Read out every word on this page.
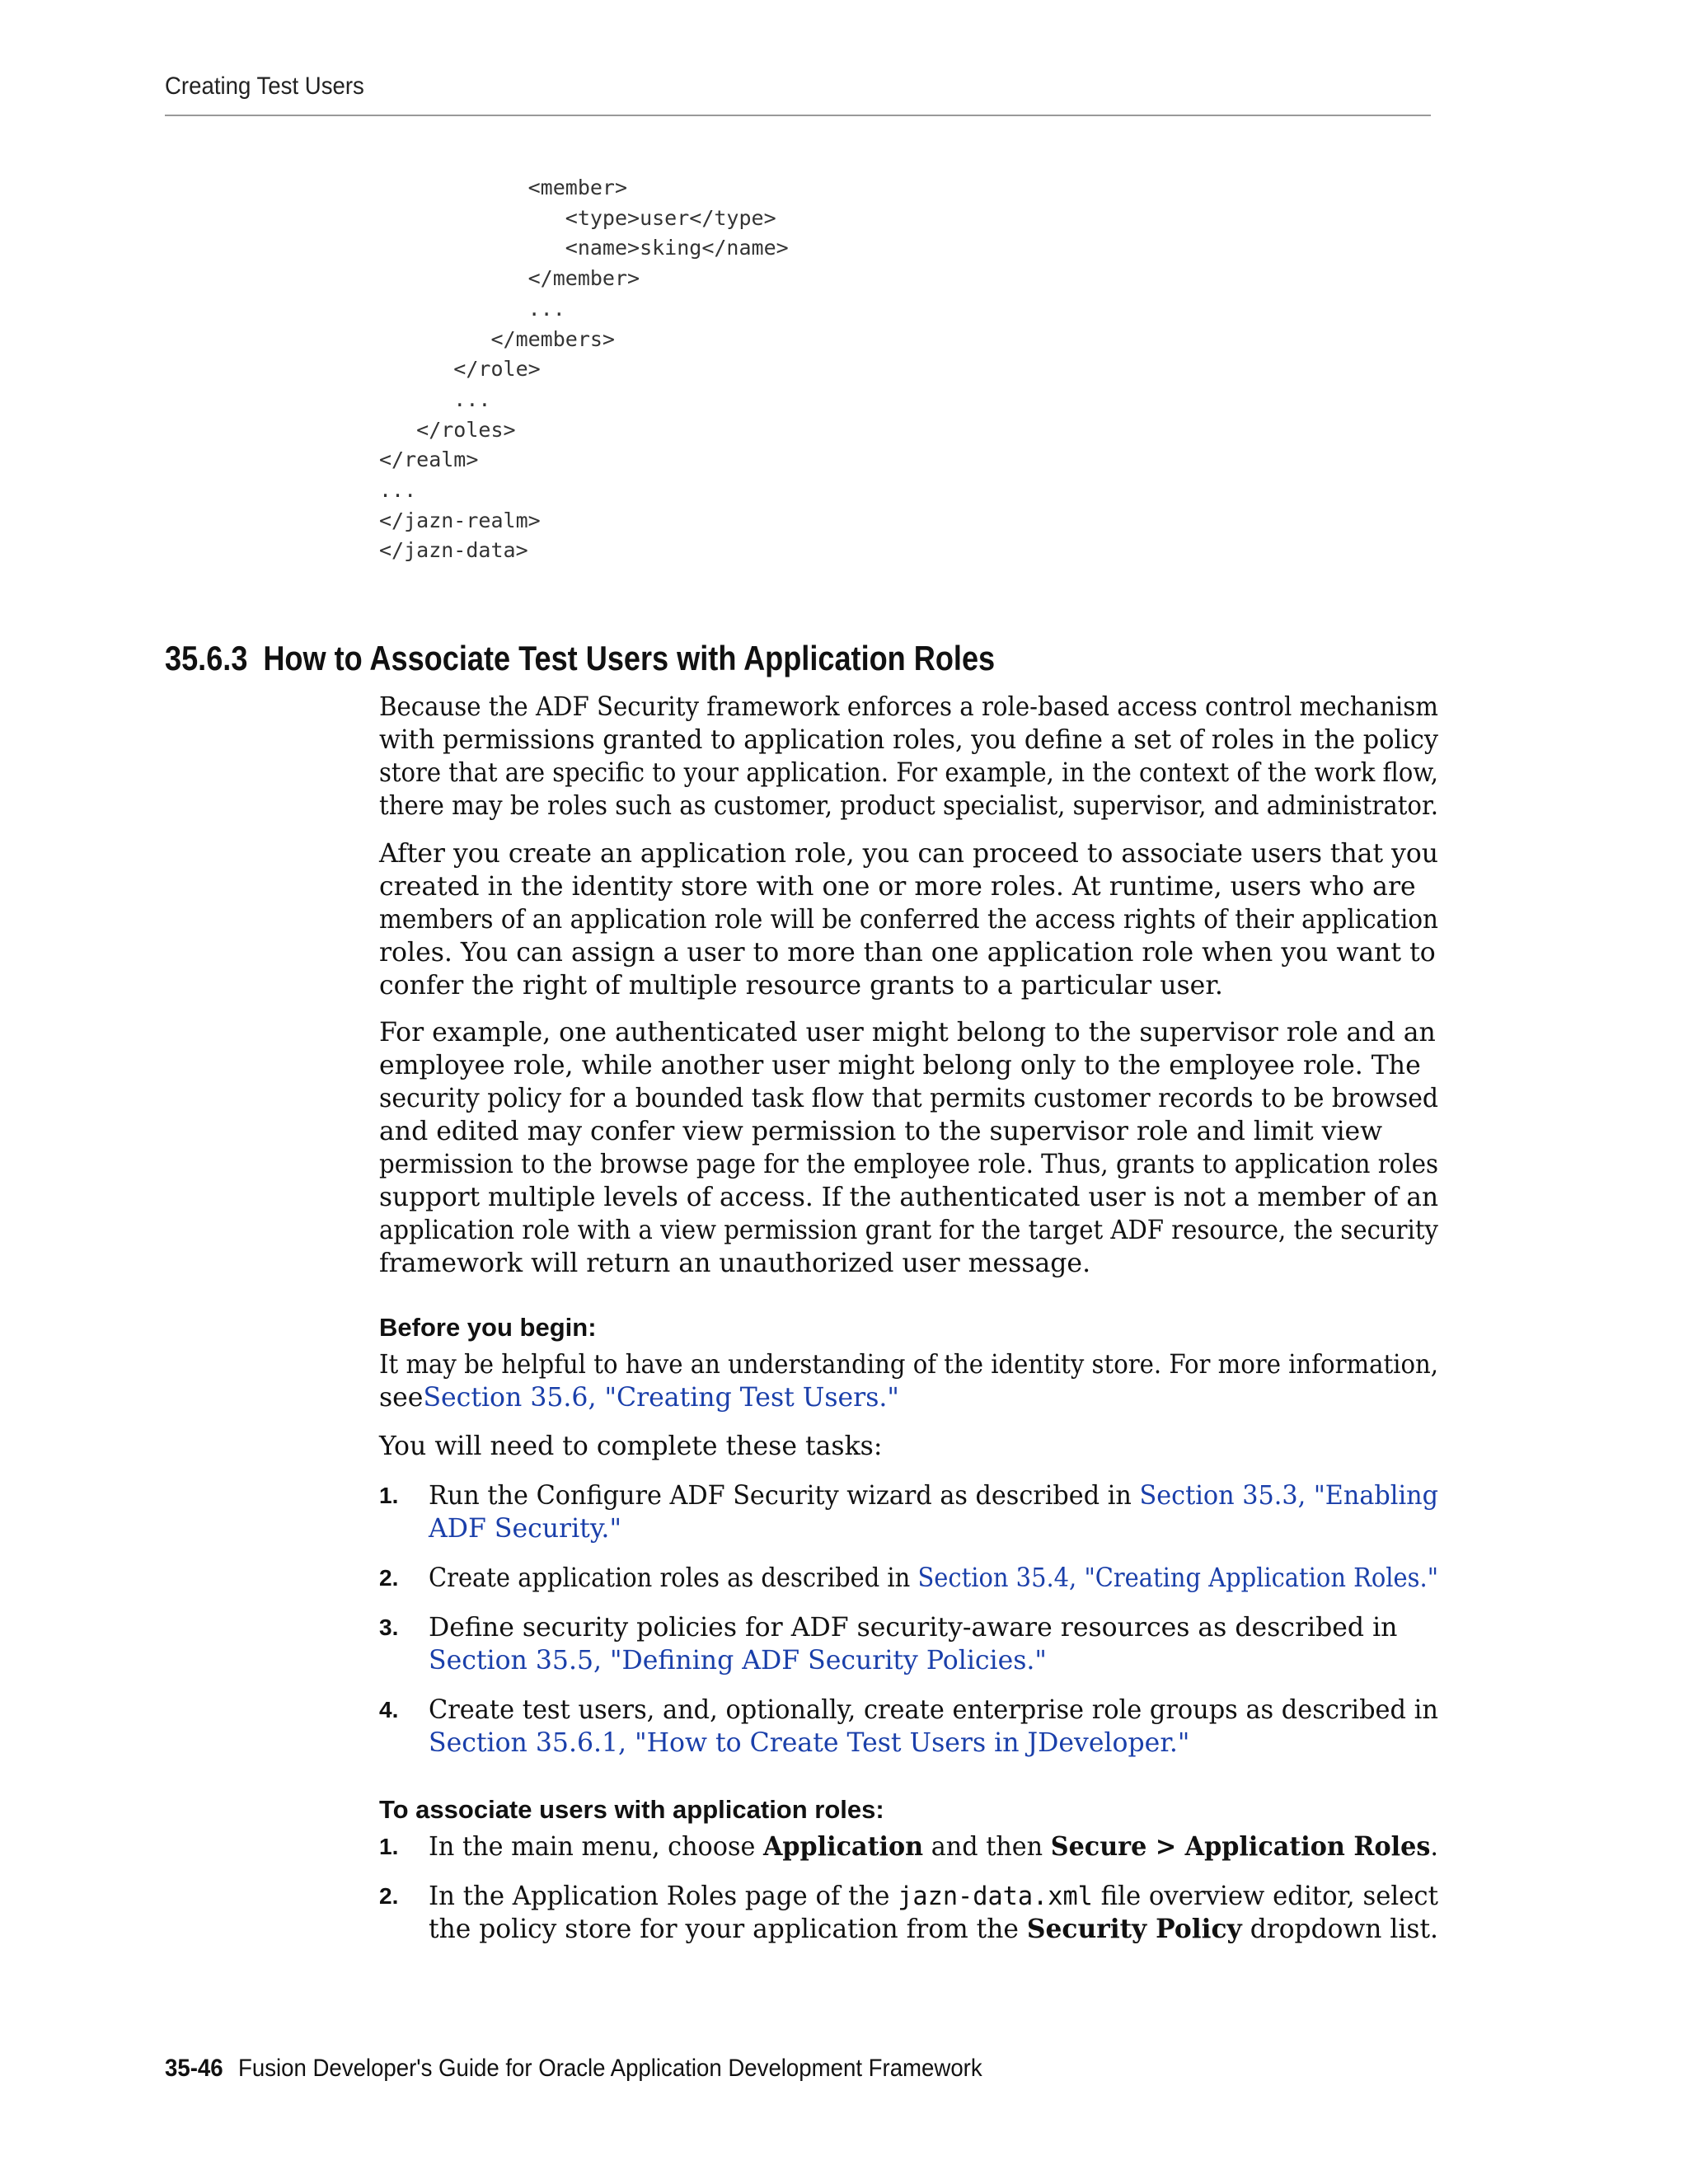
Creating Test Users
<member>
<type>user</type>
<name>sking</name>
</member>
...
</members>
</role>
...
</roles>
</realm>
...
</jazn-realm>
</jazn-data>
35.6.3 How to Associate Test Users with Application Roles
Because the ADF Security framework enforces a role-based access control mechanism
with permissions granted to application roles, you define a set of roles in the policy
store that are specific to your application. For example, in the context of the work flow,
there may be roles such as customer, product specialist, supervisor, and administrator.
After you create an application role, you can proceed to associate users that you
created in the identity store with one or more roles. At runtime, users who are
members of an application role will be conferred the access rights of their application
roles. You can assign a user to more than one application role when you want to
confer the right of multiple resource grants to a particular user.
For example, one authenticated user might belong to the supervisor role and an
employee role, while another user might belong only to the employee role. The
security policy for a bounded task flow that permits customer records to be browsed
and edited may confer view permission to the supervisor role and limit view
permission to the browse page for the employee role. Thus, grants to application roles
support multiple levels of access. If the authenticated user is not a member of an
application role with a view permission grant for the target ADF resource, the security
framework will return an unauthorized user message.
Before you begin:
It may be helpful to have an understanding of the identity store. For more information,
seeSection 35.6, "Creating Test Users."
You will need to complete these tasks:
1. Run the Configure ADF Security wizard as described in Section 35.3, "Enabling
ADF Security."
2. Create application roles as described in Section 35.4, "Creating Application Roles."
3. Define security policies for ADF security-aware resources as described in
Section 35.5, "Defining ADF Security Policies."
4. Create test users, and, optionally, create enterprise role groups as described in
Section 35.6.1, "How to Create Test Users in JDeveloper."
To associate users with application roles:
1. In the main menu, choose Application and then Secure > Application Roles.
2. In the Application Roles page of the jazn-data.xml file overview editor, select
the policy store for your application from the Security Policy dropdown list.
35-46 Fusion Developer's Guide for Oracle Application Development Framework
